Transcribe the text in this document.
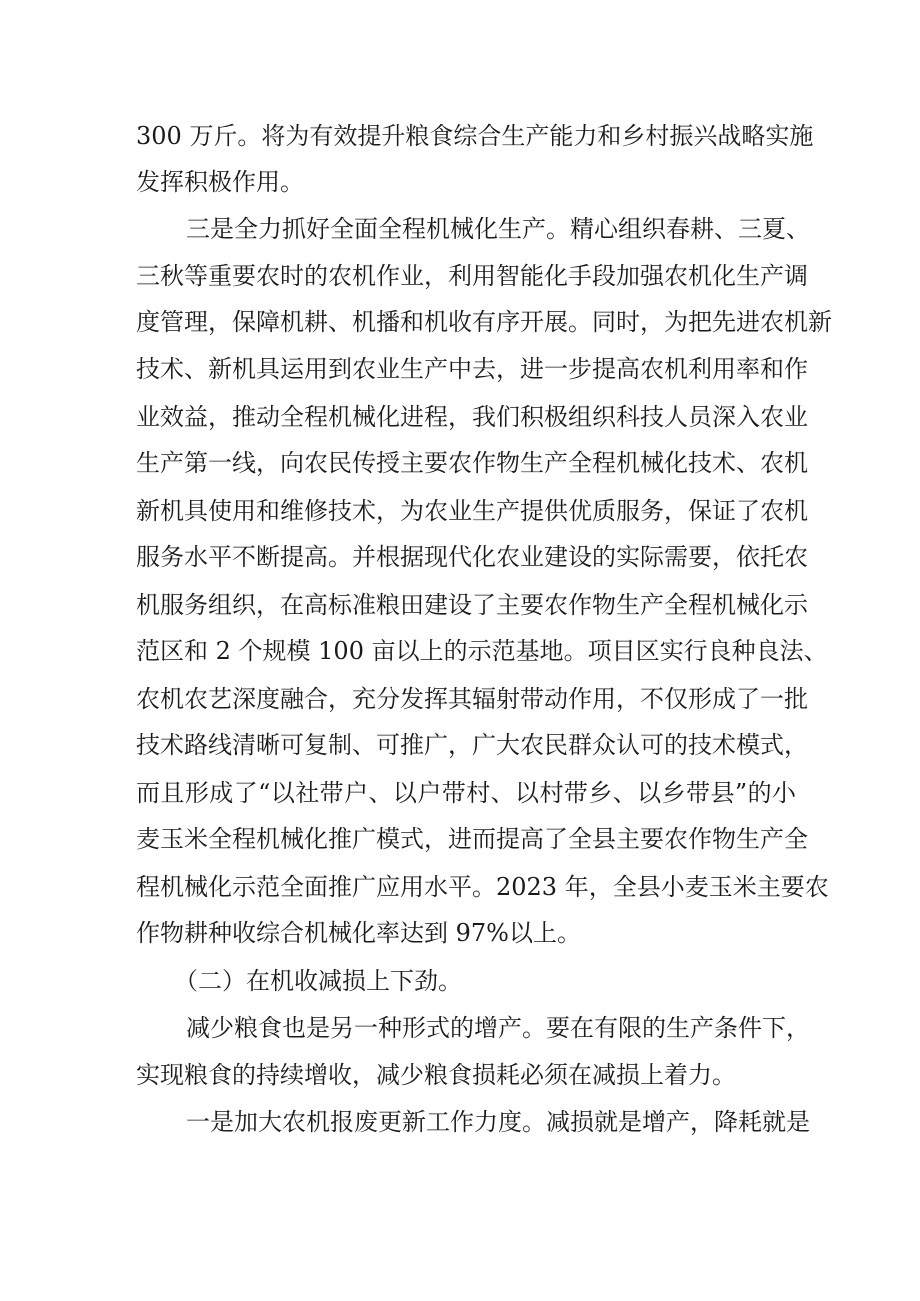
300 万斤。将为有效提升粮食综合生产能力和乡村振兴战略实施
发挥积极作用。
三是全力抓好全面全程机械化生产。精心组织春耕、三夏、
三秋等重要农时的农机作业，利用智能化手段加强农机化生产调
度管理，保障机耕、机播和机收有序开展。同时，为把先进农机新
技术、新机具运用到农业生产中去，进一步提高农机利用率和作
业效益，推动全程机械化进程，我们积极组织科技人员深入农业
生产第一线，向农民传授主要农作物生产全程机械化技术、农机
新机具使用和维修技术，为农业生产提供优质服务，保证了农机
服务水平不断提高。并根据现代化农业建设的实际需要，依托农
机服务组织，在高标准粮田建设了主要农作物生产全程机械化示
范区和 2 个规模 100 亩以上的示范基地。项目区实行良种良法、
农机农艺深度融合，充分发挥其辐射带动作用，不仅形成了一批
技术路线清晰可复制、可推广，广大农民群众认可的技术模式，
而且形成了“以社带户、以户带村、以村带乡、以乡带县”的小
麦玉米全程机械化推广模式，进而提高了全县主要农作物生产全
程机械化示范全面推广应用水平。2023 年，全县小麦玉米主要农
作物耕种收综合机械化率达到 97%以上。
（二）在机收减损上下劲。
减少粮食也是另一种形式的增产。要在有限的生产条件下，
实现粮食的持续增收，减少粮食损耗必须在减损上着力。
一是加大农机报废更新工作力度。减损就是增产，降耗就是
